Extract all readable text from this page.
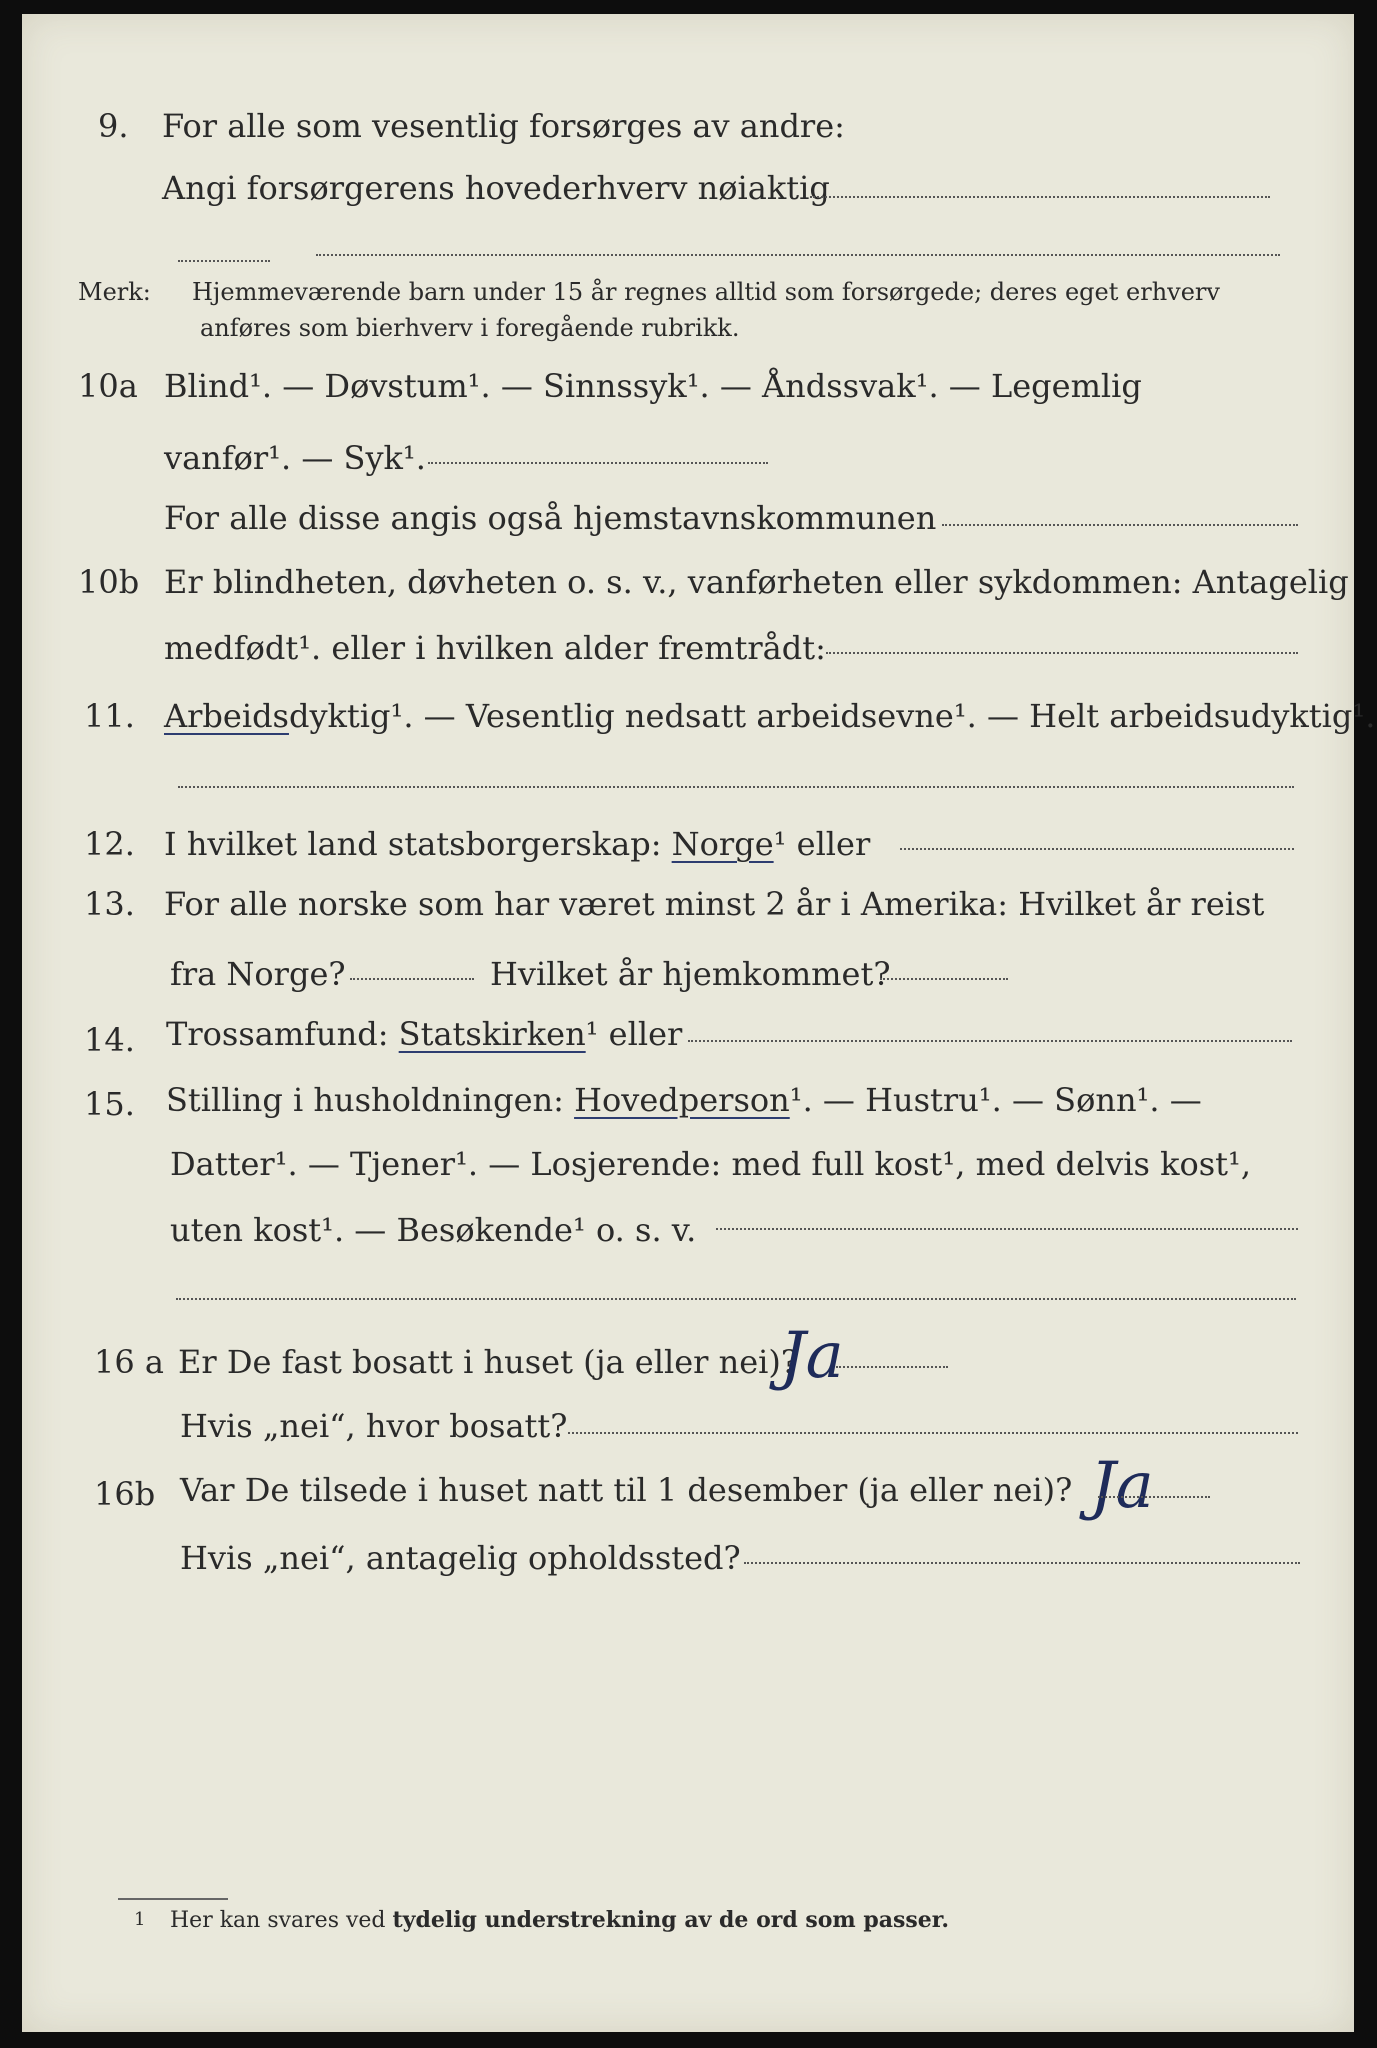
9. For alle som vesentlig forsørges av andre:
Angi forsørgerens hovederhverv nøiaktig
Merk: Hjemmeværende barn under 15 år regnes alltid som forsørgede; deres eget erhverv
anføres som bierhverv i foregående rubrikk.
10a Blind¹. — Døvstum¹. — Sinnssyk¹. — Åndssvak¹. — Legemlig
vanfør¹. — Syk¹.
For alle disse angis også hjemstavnskommunen
10b Er blindheten, døvheten o. s. v., vanførheten eller sykdommen: Antagelig
medfødt¹. eller i hvilken alder fremtrådt:
11. Arbeidsdyktig¹. — Vesentlig nedsatt arbeidsevne¹. — Helt arbeidsudyktig¹.
12. I hvilket land statsborgerskap: Norge¹ eller
13. For alle norske som har været minst 2 år i Amerika: Hvilket år reist
fra Norge?	Hvilket år hjemkommet?
14. Trossamfund: Statskirken¹ eller
15. Stilling i husholdningen: Hovedperson¹. — Hustru¹. — Sønn¹. —
Datter¹. — Tjener¹. — Losjerende: med full kost¹, med delvis kost¹,
uten kost¹. — Besøkende¹ o. s. v.
16 a Er De fast bosatt i huset (ja eller nei)?
Ja
Hvis „nei“, hvor bosatt?
16b Var De tilsede i huset natt til 1 desember (ja eller nei)? Ja
Hvis „nei“, antagelig opholdssted?
1 Her kan svares ved tydelig understrekning av de ord som passer.
